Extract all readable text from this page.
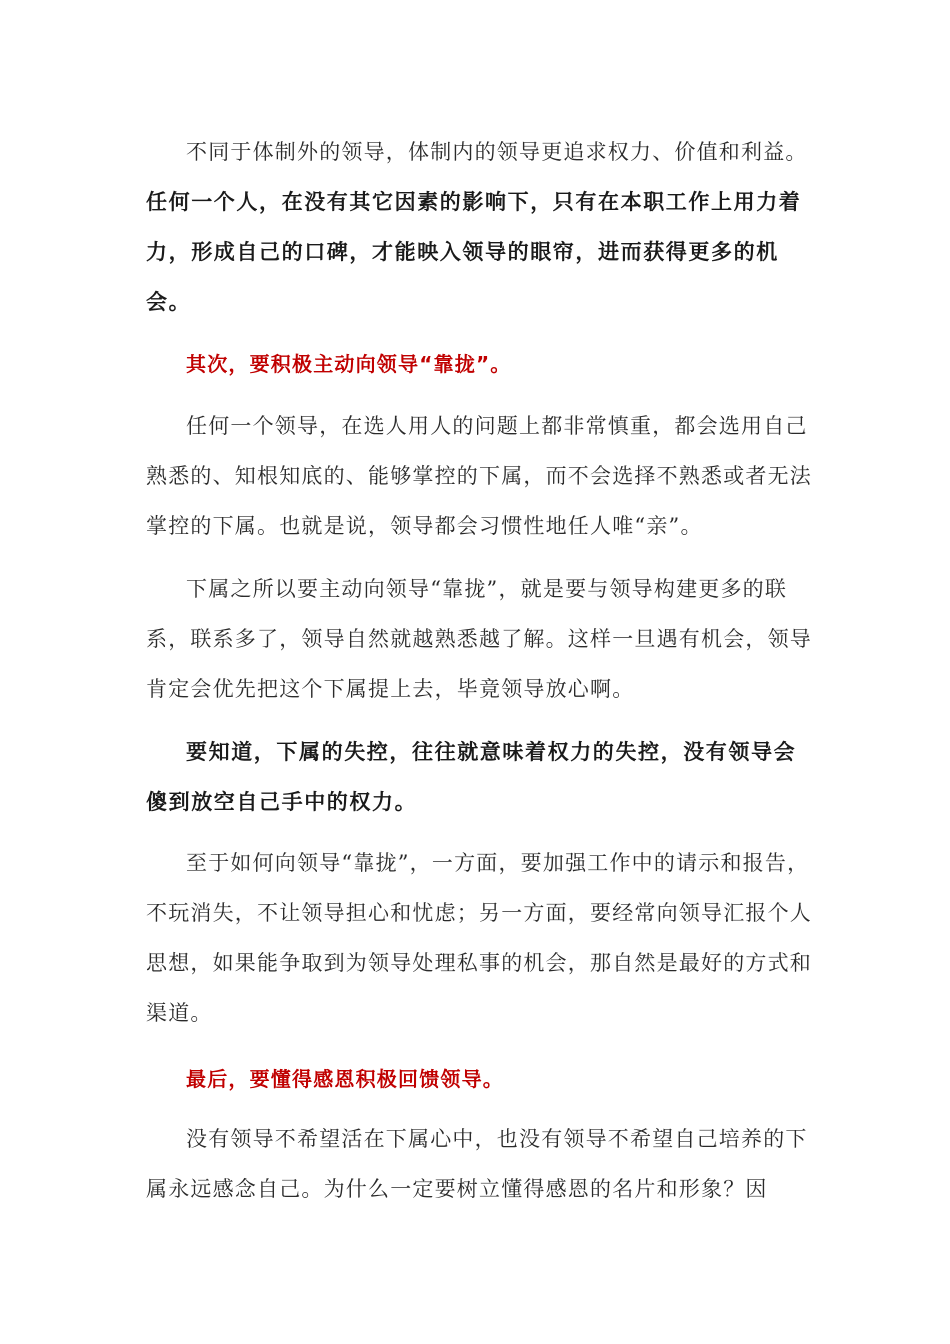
不同于体制外的领导，体制内的领导更追求权力、价值和利益。

任何一个人，在没有其它因素的影响下，只有在本职工作上用力着力，形成自己的口碑，才能映入领导的眼帘，进而获得更多的机会。

其次，要积极主动向领导“靠拢”。

任何一个领导，在选人用人的问题上都非常慎重，都会选用自己熟悉的、知根知底的、能够掌控的下属，而不会选择不熟悉或者无法掌控的下属。也就是说，领导都会习惯性地任人唯“亲”。

下属之所以要主动向领导“靠拢”，就是要与领导构建更多的联系，联系多了，领导自然就越熟悉越了解。这样一旦遇有机会，领导肯定会优先把这个下属提上去，毕竟领导放心啊。

要知道，下属的失控，往往就意味着权力的失控，没有领导会傻到放空自己手中的权力。

至于如何向领导“靠拢”，一方面，要加强工作中的请示和报告，不玩消失，不让领导担心和忧虑；另一方面，要经常向领导汇报个人思想，如果能争取到为领导处理私事的机会，那自然是最好的方式和渠道。

最后，要懂得感恩积极回馈领导。

没有领导不希望活在下属心中，也没有领导不希望自己培养的下属永远感念自己。为什么一定要树立懂得感恩的名片和形象？因
